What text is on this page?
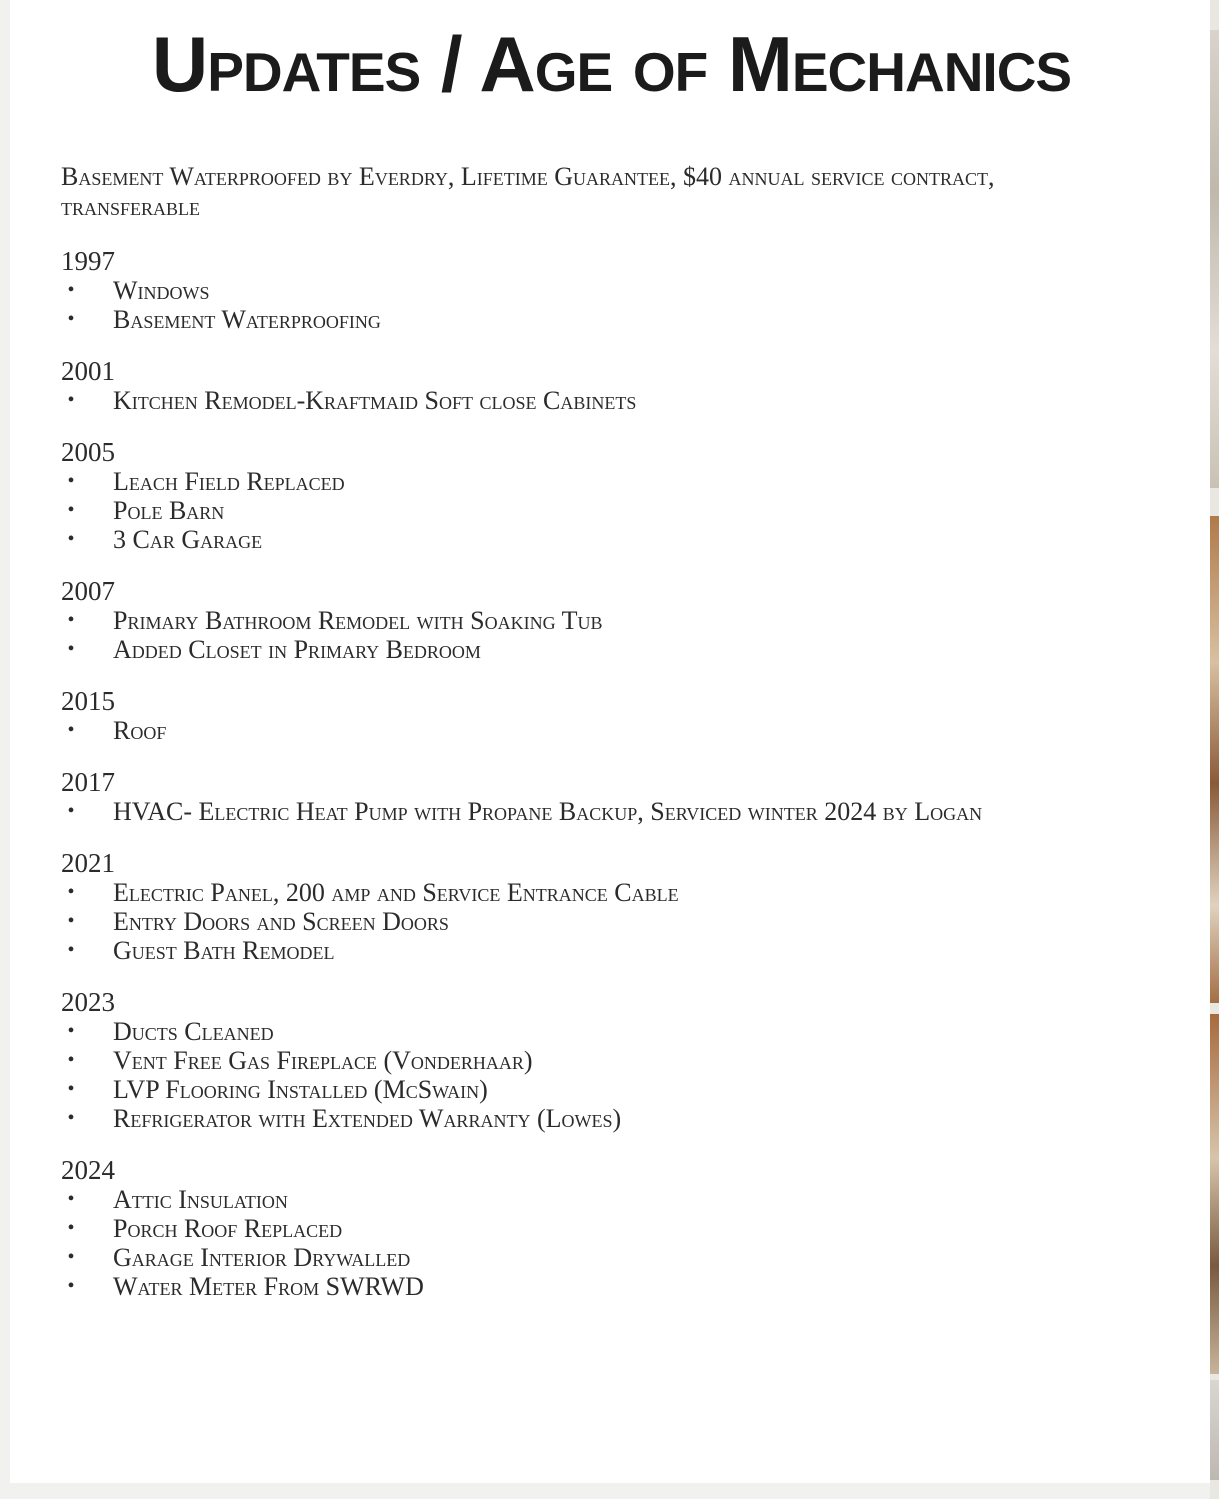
Updates / Age of Mechanics

Basement Waterproofed by Everdry, Lifetime Guarantee, $40 annual service contract, transferable

1997

• Windows
• Basement Waterproofing

2001

• Kitchen Remodel-Kraftmaid Soft close Cabinets

2005

• Leach Field Replaced
• Pole Barn
• 3 Car Garage

2007

• Primary Bathroom Remodel with Soaking Tub
• Added Closet in Primary Bedroom

2015

• Roof

2017

• HVAC- Electric Heat Pump with Propane Backup, Serviced winter 2024 by Logan

2021

• Electric Panel, 200 amp and Service Entrance Cable
• Entry Doors and Screen Doors
• Guest Bath Remodel

2023

• Ducts Cleaned
• Vent Free Gas Fireplace (Vonderhaar)
• LVP Flooring Installed (McSwain)
• Refrigerator with Extended Warranty (Lowes)

2024

• Attic Insulation
• Porch Roof Replaced
• Garage Interior Drywalled
• Water Meter From SWRWD
